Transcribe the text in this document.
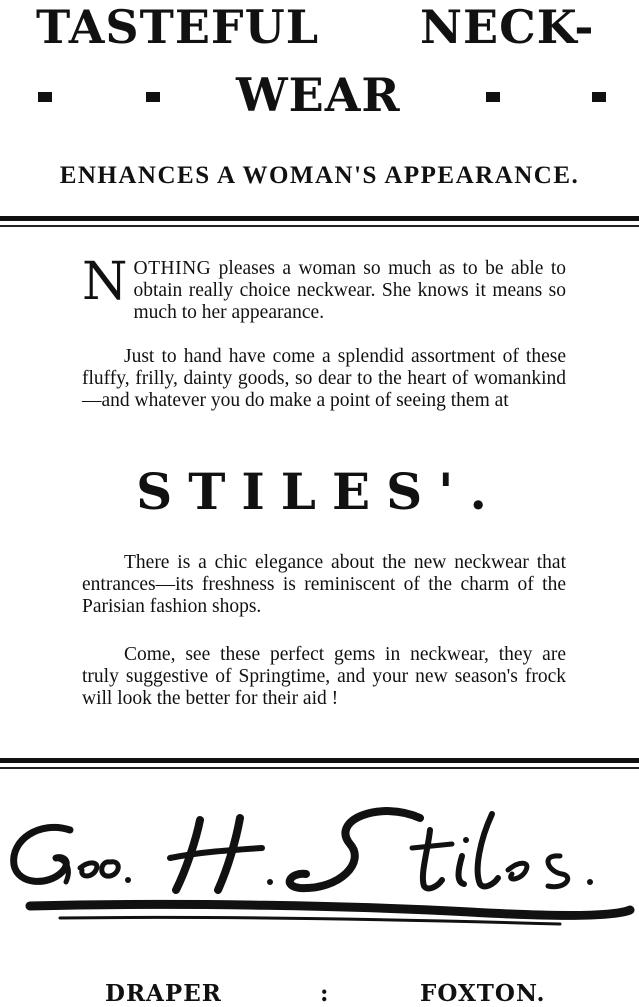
TASTEFUL NECK-
WEAR
ENHANCES A WOMAN'S APPEARANCE.
NOTHING pleases a woman so much as to be able to obtain really choice neckwear. She knows it means so much to her appearance.

Just to hand have come a splendid assortment of these fluffy, frilly, dainty goods, so dear to the heart of womankind—and whatever you do make a point of seeing them at

STILES'.

There is a chic elegance about the new neckwear that entrances—its freshness is reminiscent of the charm of the Parisian fashion shops.

Come, see these perfect gems in neckwear, they are truly suggestive of Springtime, and your new season's frock will look the better for their aid !

DRAPER	:	FOXTON.
